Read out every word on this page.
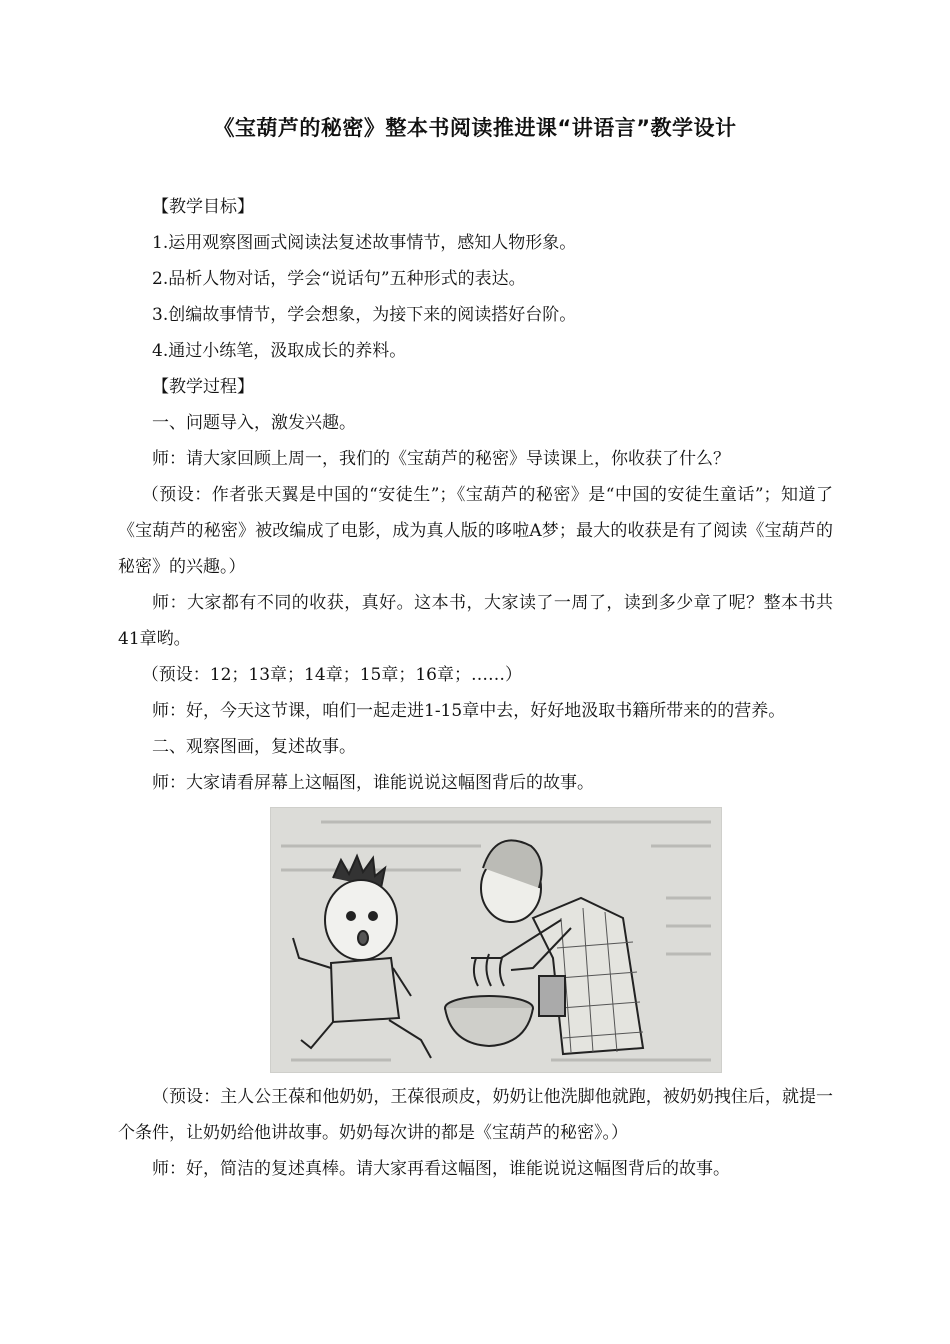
《宝葫芦的秘密》整本书阅读推进课“讲语言”教学设计

【教学目标】

1.运用观察图画式阅读法复述故事情节，感知人物形象。

2.品析人物对话，学会“说话句”五种形式的表达。

3.创编故事情节，学会想象，为接下来的阅读搭好台阶。

4.通过小练笔，汲取成长的养料。

【教学过程】

一、问题导入，激发兴趣。

师：请大家回顾上周一，我们的《宝葫芦的秘密》导读课上，你收获了什么？

（预设：作者张天翼是中国的“安徒生”；《宝葫芦的秘密》是“中国的安徒生童话”；知道了《宝葫芦的秘密》被改编成了电影，成为真人版的哆啦A梦；最大的收获是有了阅读《宝葫芦的秘密》的兴趣。）

师：大家都有不同的收获，真好。这本书，大家读了一周了，读到多少章了呢？整本书共41章哟。

（预设：12；13章；14章；15章；16章；……）

师：好，今天这节课，咱们一起走进1-15章中去，好好地汲取书籍所带来的的营养。

二、观察图画，复述故事。

师：大家请看屏幕上这幅图，谁能说说这幅图背后的故事。

（预设：主人公王葆和他奶奶，王葆很顽皮，奶奶让他洗脚他就跑，被奶奶拽住后，就提一个条件，让奶奶给他讲故事。奶奶每次讲的都是《宝葫芦的秘密》。）

师：好，简洁的复述真棒。请大家再看这幅图，谁能说说这幅图背后的故事。
